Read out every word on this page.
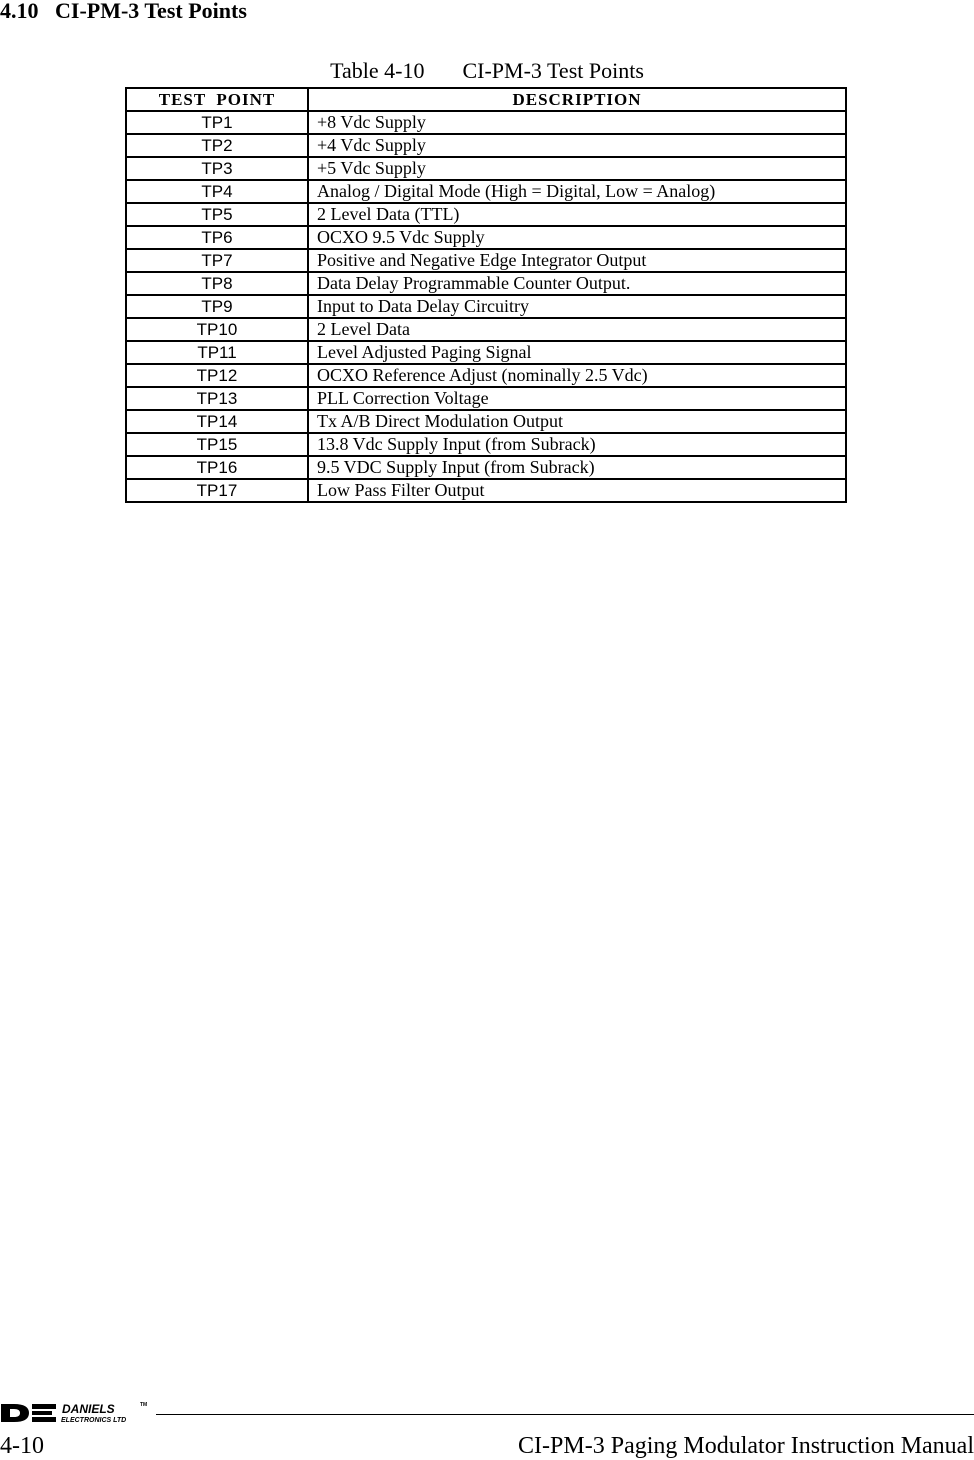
4.10 CI-PM-3 Test Points
Table 4-10 CI-PM-3 Test Points
TEST  POINT	DESCRIPTION
TP1	+8 Vdc Supply
TP2	+4 Vdc Supply
TP3	+5 Vdc Supply
TP4	Analog / Digital Mode (High = Digital, Low = Analog)
TP5	2 Level Data (TTL)
TP6	OCXO 9.5 Vdc Supply
TP7	Positive and Negative Edge Integrator Output
TP8	Data Delay Programmable Counter Output.
TP9	Input to Data Delay Circuitry
TP10	2 Level Data
TP11	Level Adjusted Paging Signal
TP12	OCXO Reference Adjust (nominally 2.5 Vdc)
TP13	PLL Correction Voltage
TP14	Tx A/B Direct Modulation Output
TP15	13.8 Vdc Supply Input (from Subrack)
TP16	9.5 VDC Supply Input (from Subrack)
TP17	Low Pass Filter Output
DANIELS	TM
ELECTRONICS LTD
4-10	CI-PM-3 Paging Modulator Instruction Manual
